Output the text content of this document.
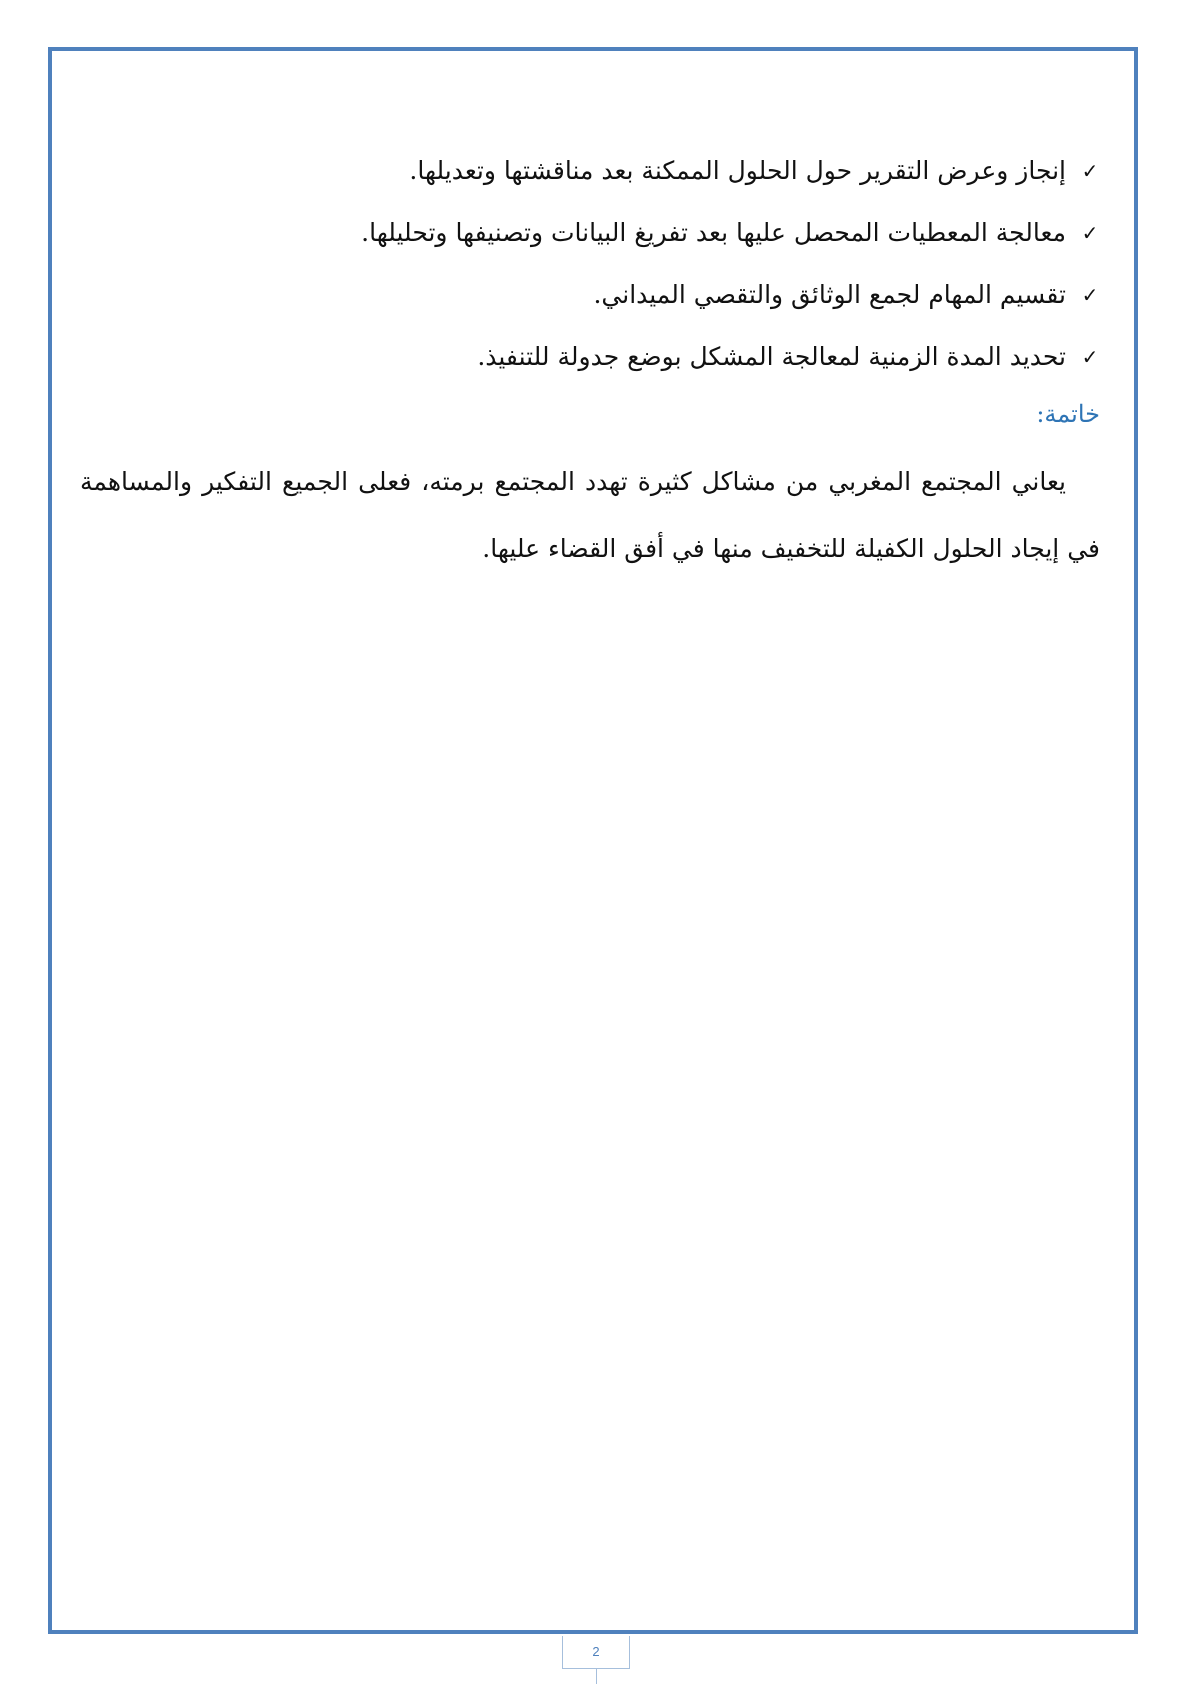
✓
إنجاز وعرض التقرير حول الحلول الممكنة بعد مناقشتها وتعديلها.
✓
معالجة المعطيات المحصل عليها بعد تفريغ البيانات وتصنيفها وتحليلها.
✓
تقسيم المهام لجمع الوثائق والتقصي الميداني.
✓
تحديد المدة الزمنية لمعالجة المشكل بوضع جدولة للتنفيذ.
خاتمة:

يعاني المجتمع المغربي من مشاكل كثيرة تهدد المجتمع برمته، فعلى الجميع التفكير والمساهمة في إيجاد الحلول الكفيلة للتخفيف منها في أفق القضاء عليها.

2
